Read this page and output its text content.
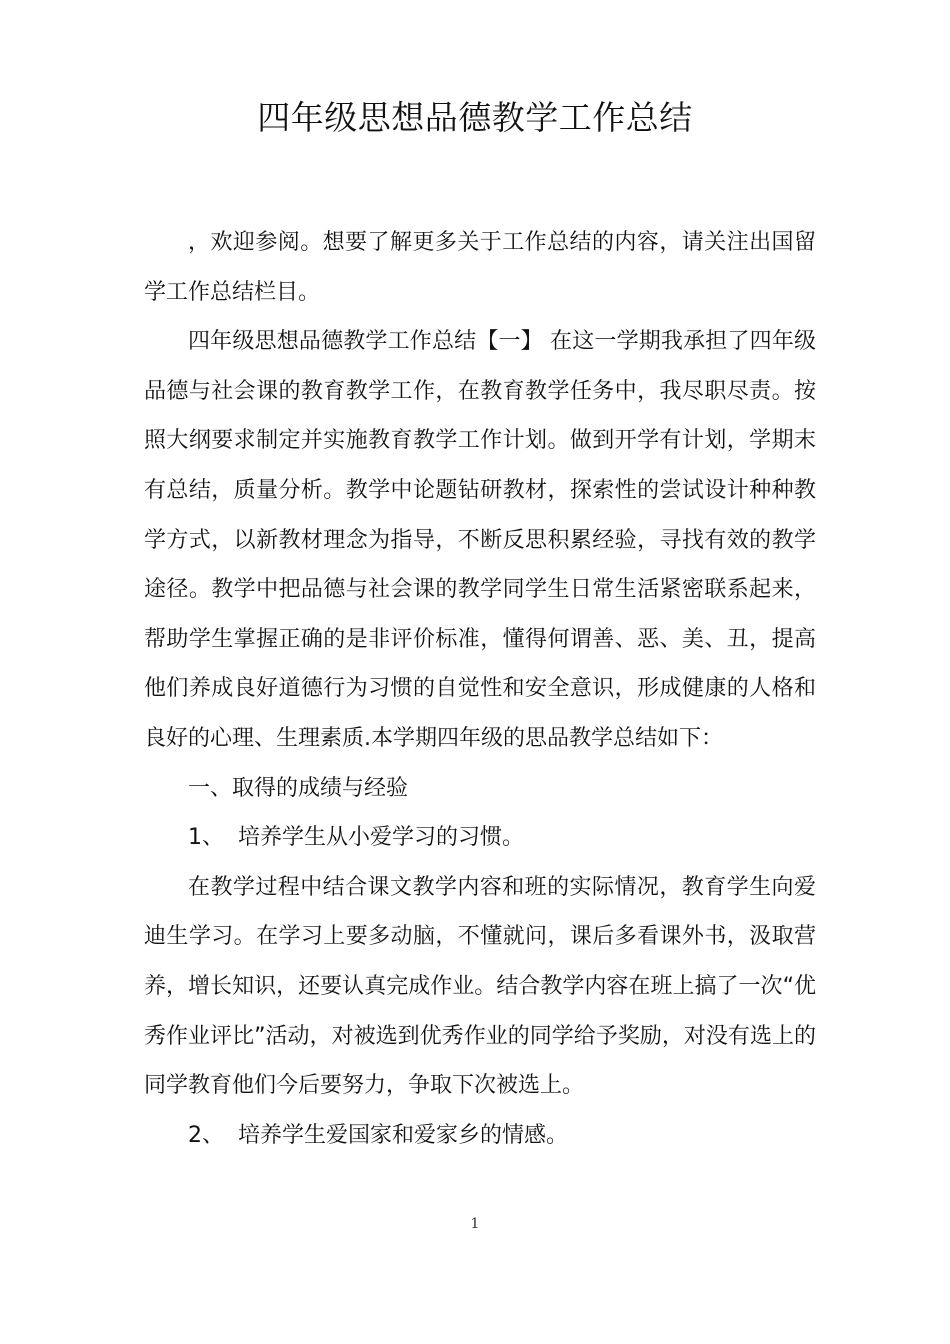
四年级思想品德教学工作总结

，欢迎参阅。想要了解更多关于工作总结的内容，请关注出国留学工作总结栏目。

四年级思想品德教学工作总结【一】 在这一学期我承担了四年级品德与社会课的教育教学工作，在教育教学任务中，我尽职尽责。按照大纲要求制定并实施教育教学工作计划。做到开学有计划，学期末有总结，质量分析。教学中论题钻研教材，探索性的尝试设计种种教学方式，以新教材理念为指导，不断反思积累经验，寻找有效的教学途径。教学中把品德与社会课的教学同学生日常生活紧密联系起来，帮助学生掌握正确的是非评价标准，懂得何谓善、恶、美、丑，提高他们养成良好道德行为习惯的自觉性和安全意识，形成健康的人格和良好的心理、生理素质.本学期四年级的思品教学总结如下：

一、取得的成绩与经验

1、  培养学生从小爱学习的习惯。

在教学过程中结合课文教学内容和班的实际情况，教育学生向爱迪生学习。在学习上要多动脑，不懂就问，课后多看课外书，汲取营养，增长知识，还要认真完成作业。结合教学内容在班上搞了一次“优秀作业评比”活动，对被选到优秀作业的同学给予奖励，对没有选上的同学教育他们今后要努力，争取下次被选上。

2、  培养学生爱国家和爱家乡的情感。

1
